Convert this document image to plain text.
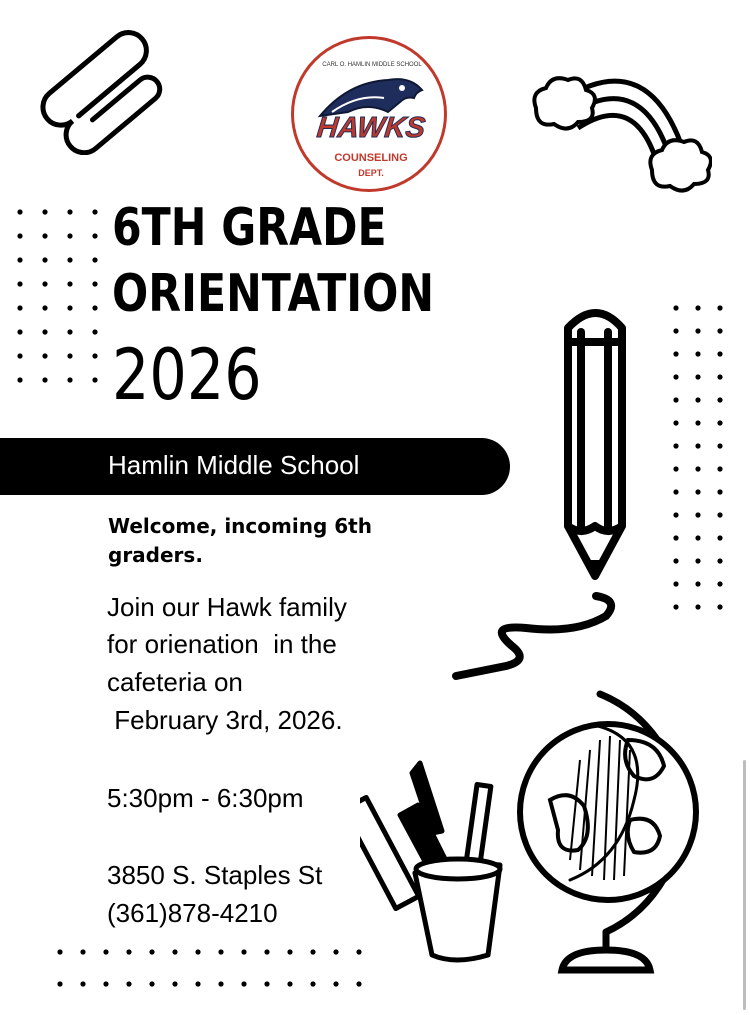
CARL O. HAMLIN MIDDLE SCHOOL
HAWKS
COUNSELING
DEPT.
6TH GRADE
ORIENTATION
2026
Hamlin Middle School
Welcome, incoming 6th graders.
Join our Hawk family
for orienation  in the
cafeteria on
February 3rd, 2026.
5:30pm - 6:30pm
3850 S. Staples St
(361)878-4210
